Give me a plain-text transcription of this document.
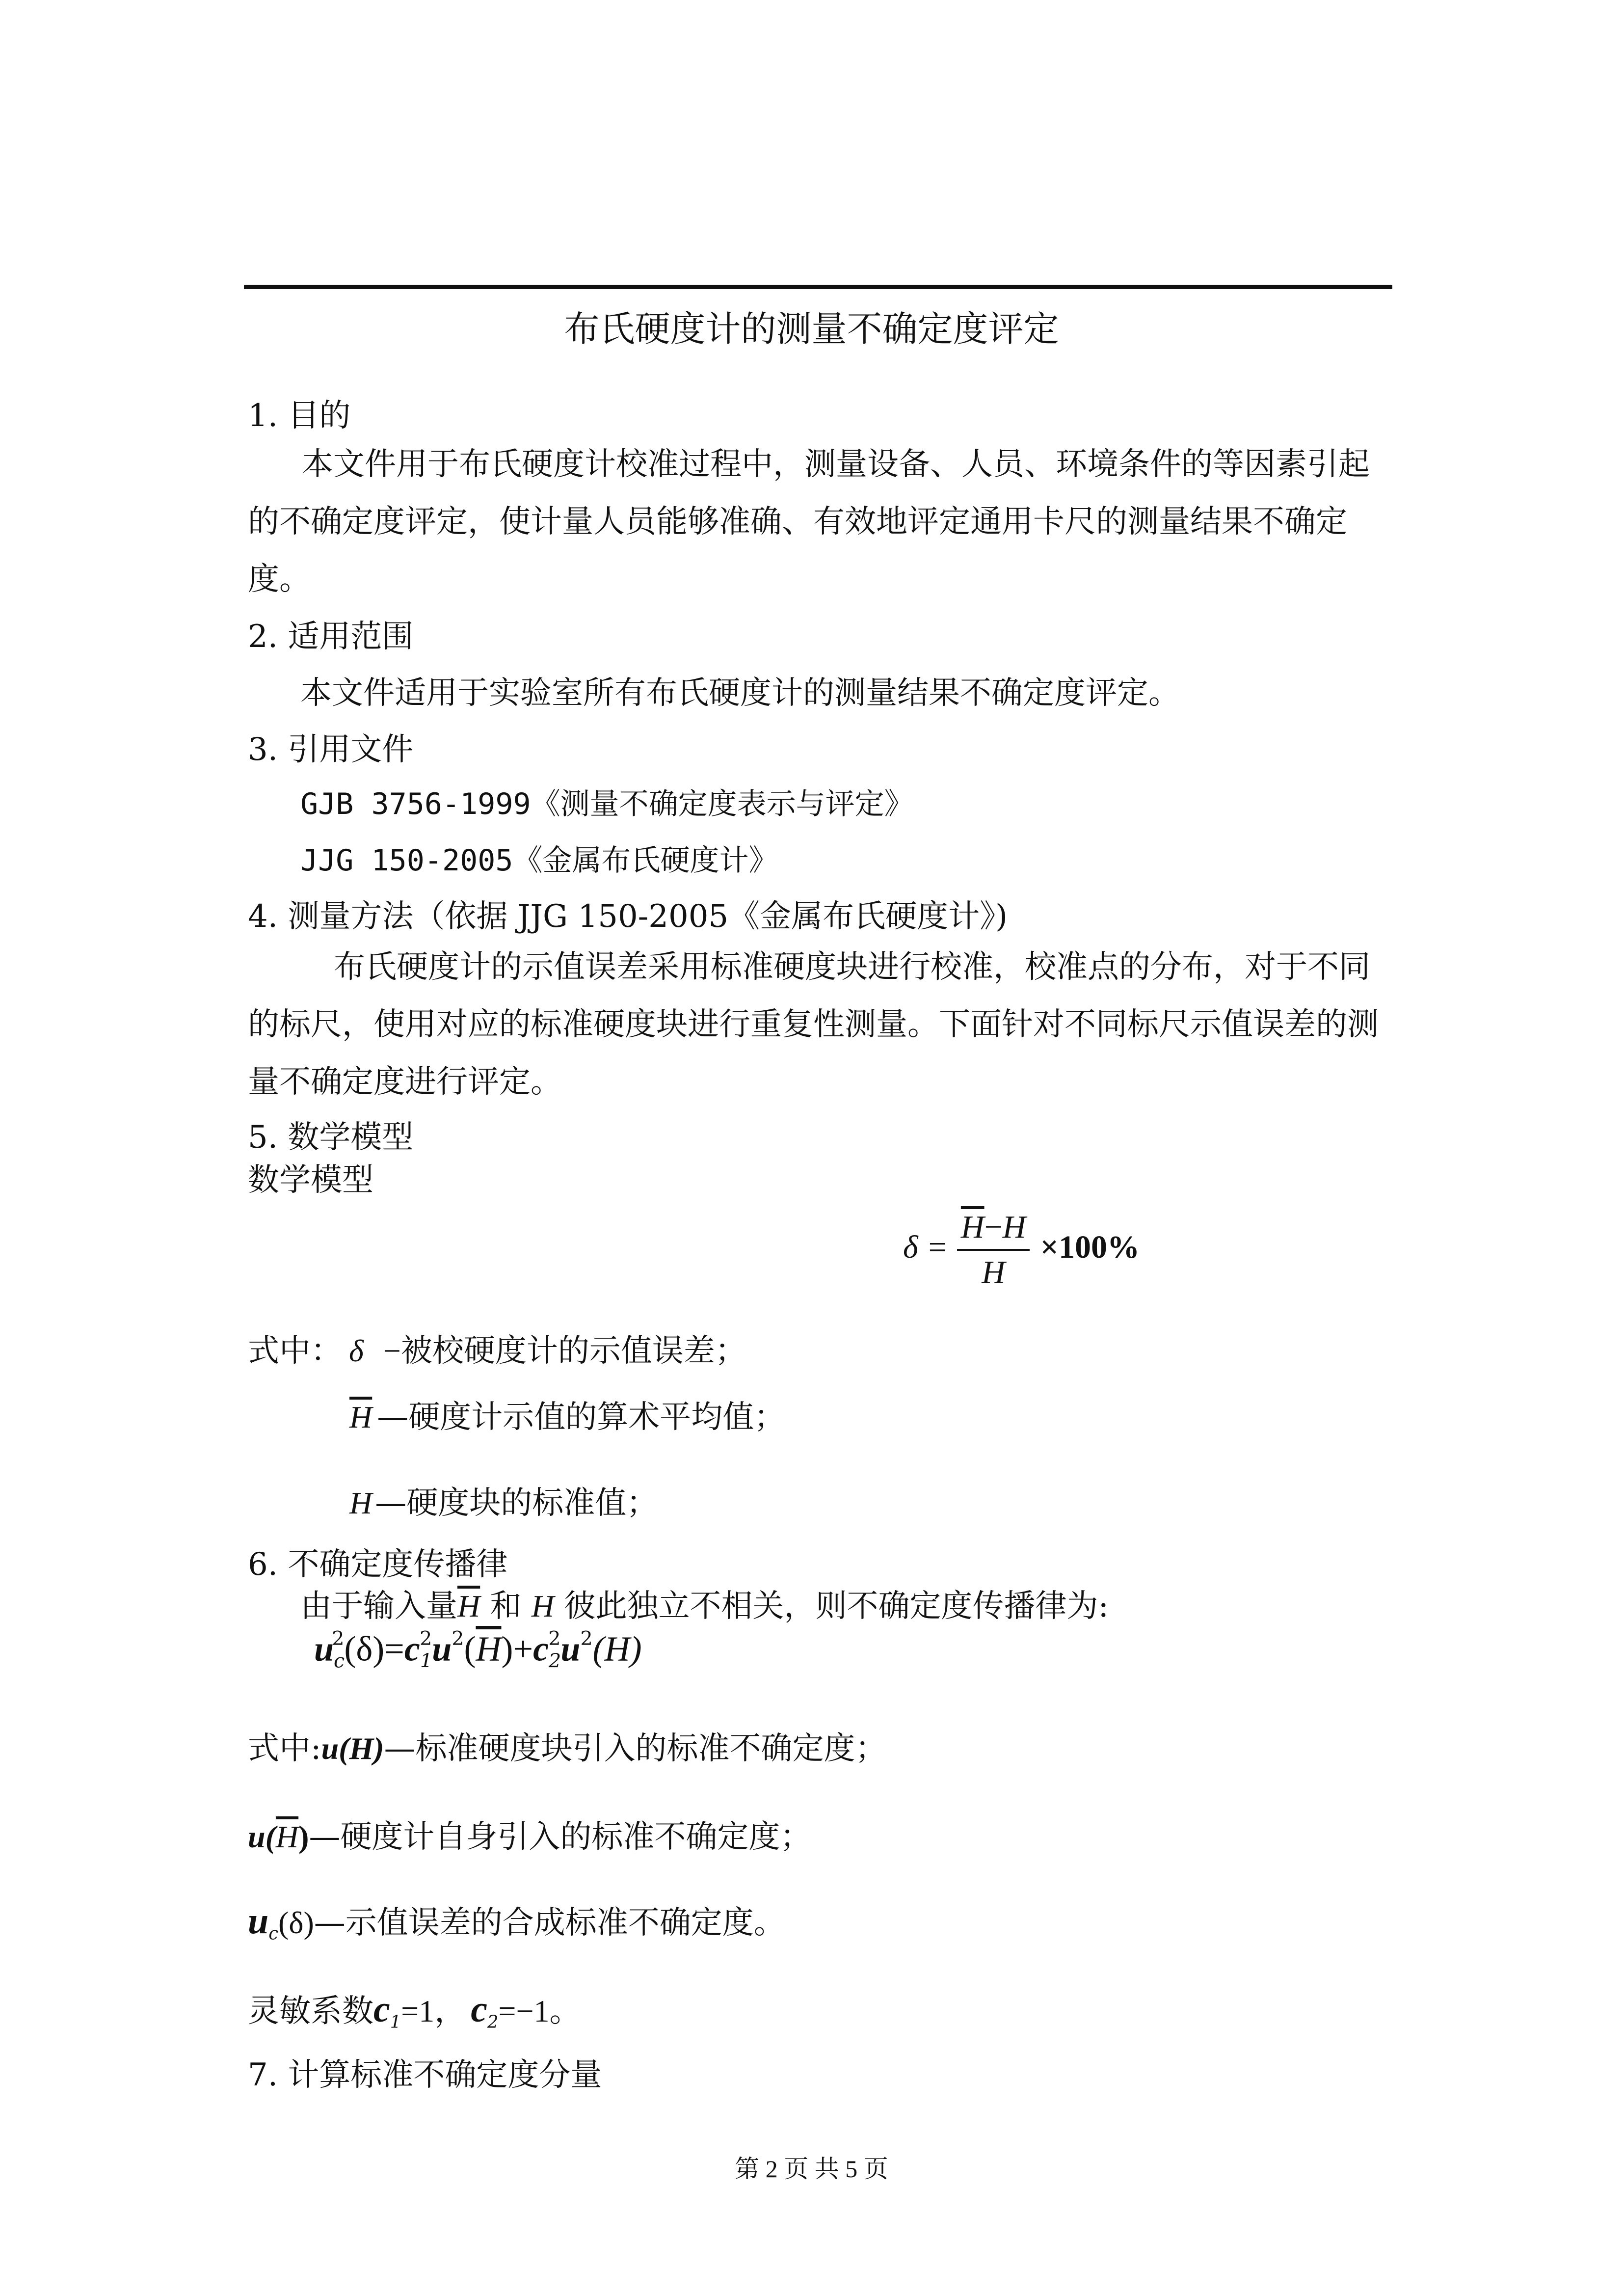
布氏硬度计的测量不确定度评定
1. 目的
本文件用于布氏硬度计校准过程中，测量设备、人员、环境条件的等因素引起的不确定度评定，使计量人员能够准确、有效地评定通用卡尺的测量结果不确定度。
2. 适用范围
本文件适用于实验室所有布氏硬度计的测量结果不确定度评定。
3. 引用文件
GJB 3756-1999《测量不确定度表示与评定》
JJG 150-2005《金属布氏硬度计》
4. 测量方法（依据 JJG 150-2005《金属布氏硬度计》)
布氏硬度计的示值误差采用标准硬度块进行校准，校准点的分布，对于不同的标尺，使用对应的标准硬度块进行重复性测量。下面针对不同标尺示值误差的测量不确定度进行评定。
5. 数学模型
数学模型
$\delta = \frac{\overline{H}-H}{H} \times 100\%$
式中： δ −被校硬度计的示值误差；
$\overline{H}$ —硬度计示值的算术平均值；
H—硬度块的标准值；
6. 不确定度传播律
由于输入量$\overline{H}$ 和 H 彼此独立不相关，则不确定度传播律为:
$u_c^2(\delta)=c_1^2u^2(\overline{H})+c_2^2u^2(H)$
式中:u(H)—标准硬度块引入的标准不确定度；
$u(\overline{H})—$硬度计自身引入的标准不确定度；
$u_c(\delta)—$示值误差的合成标准不确定度。
灵敏系数$c_1=1$， $c_2=-1$。
7. 计算标准不确定度分量
第 2 页 共 5 页
